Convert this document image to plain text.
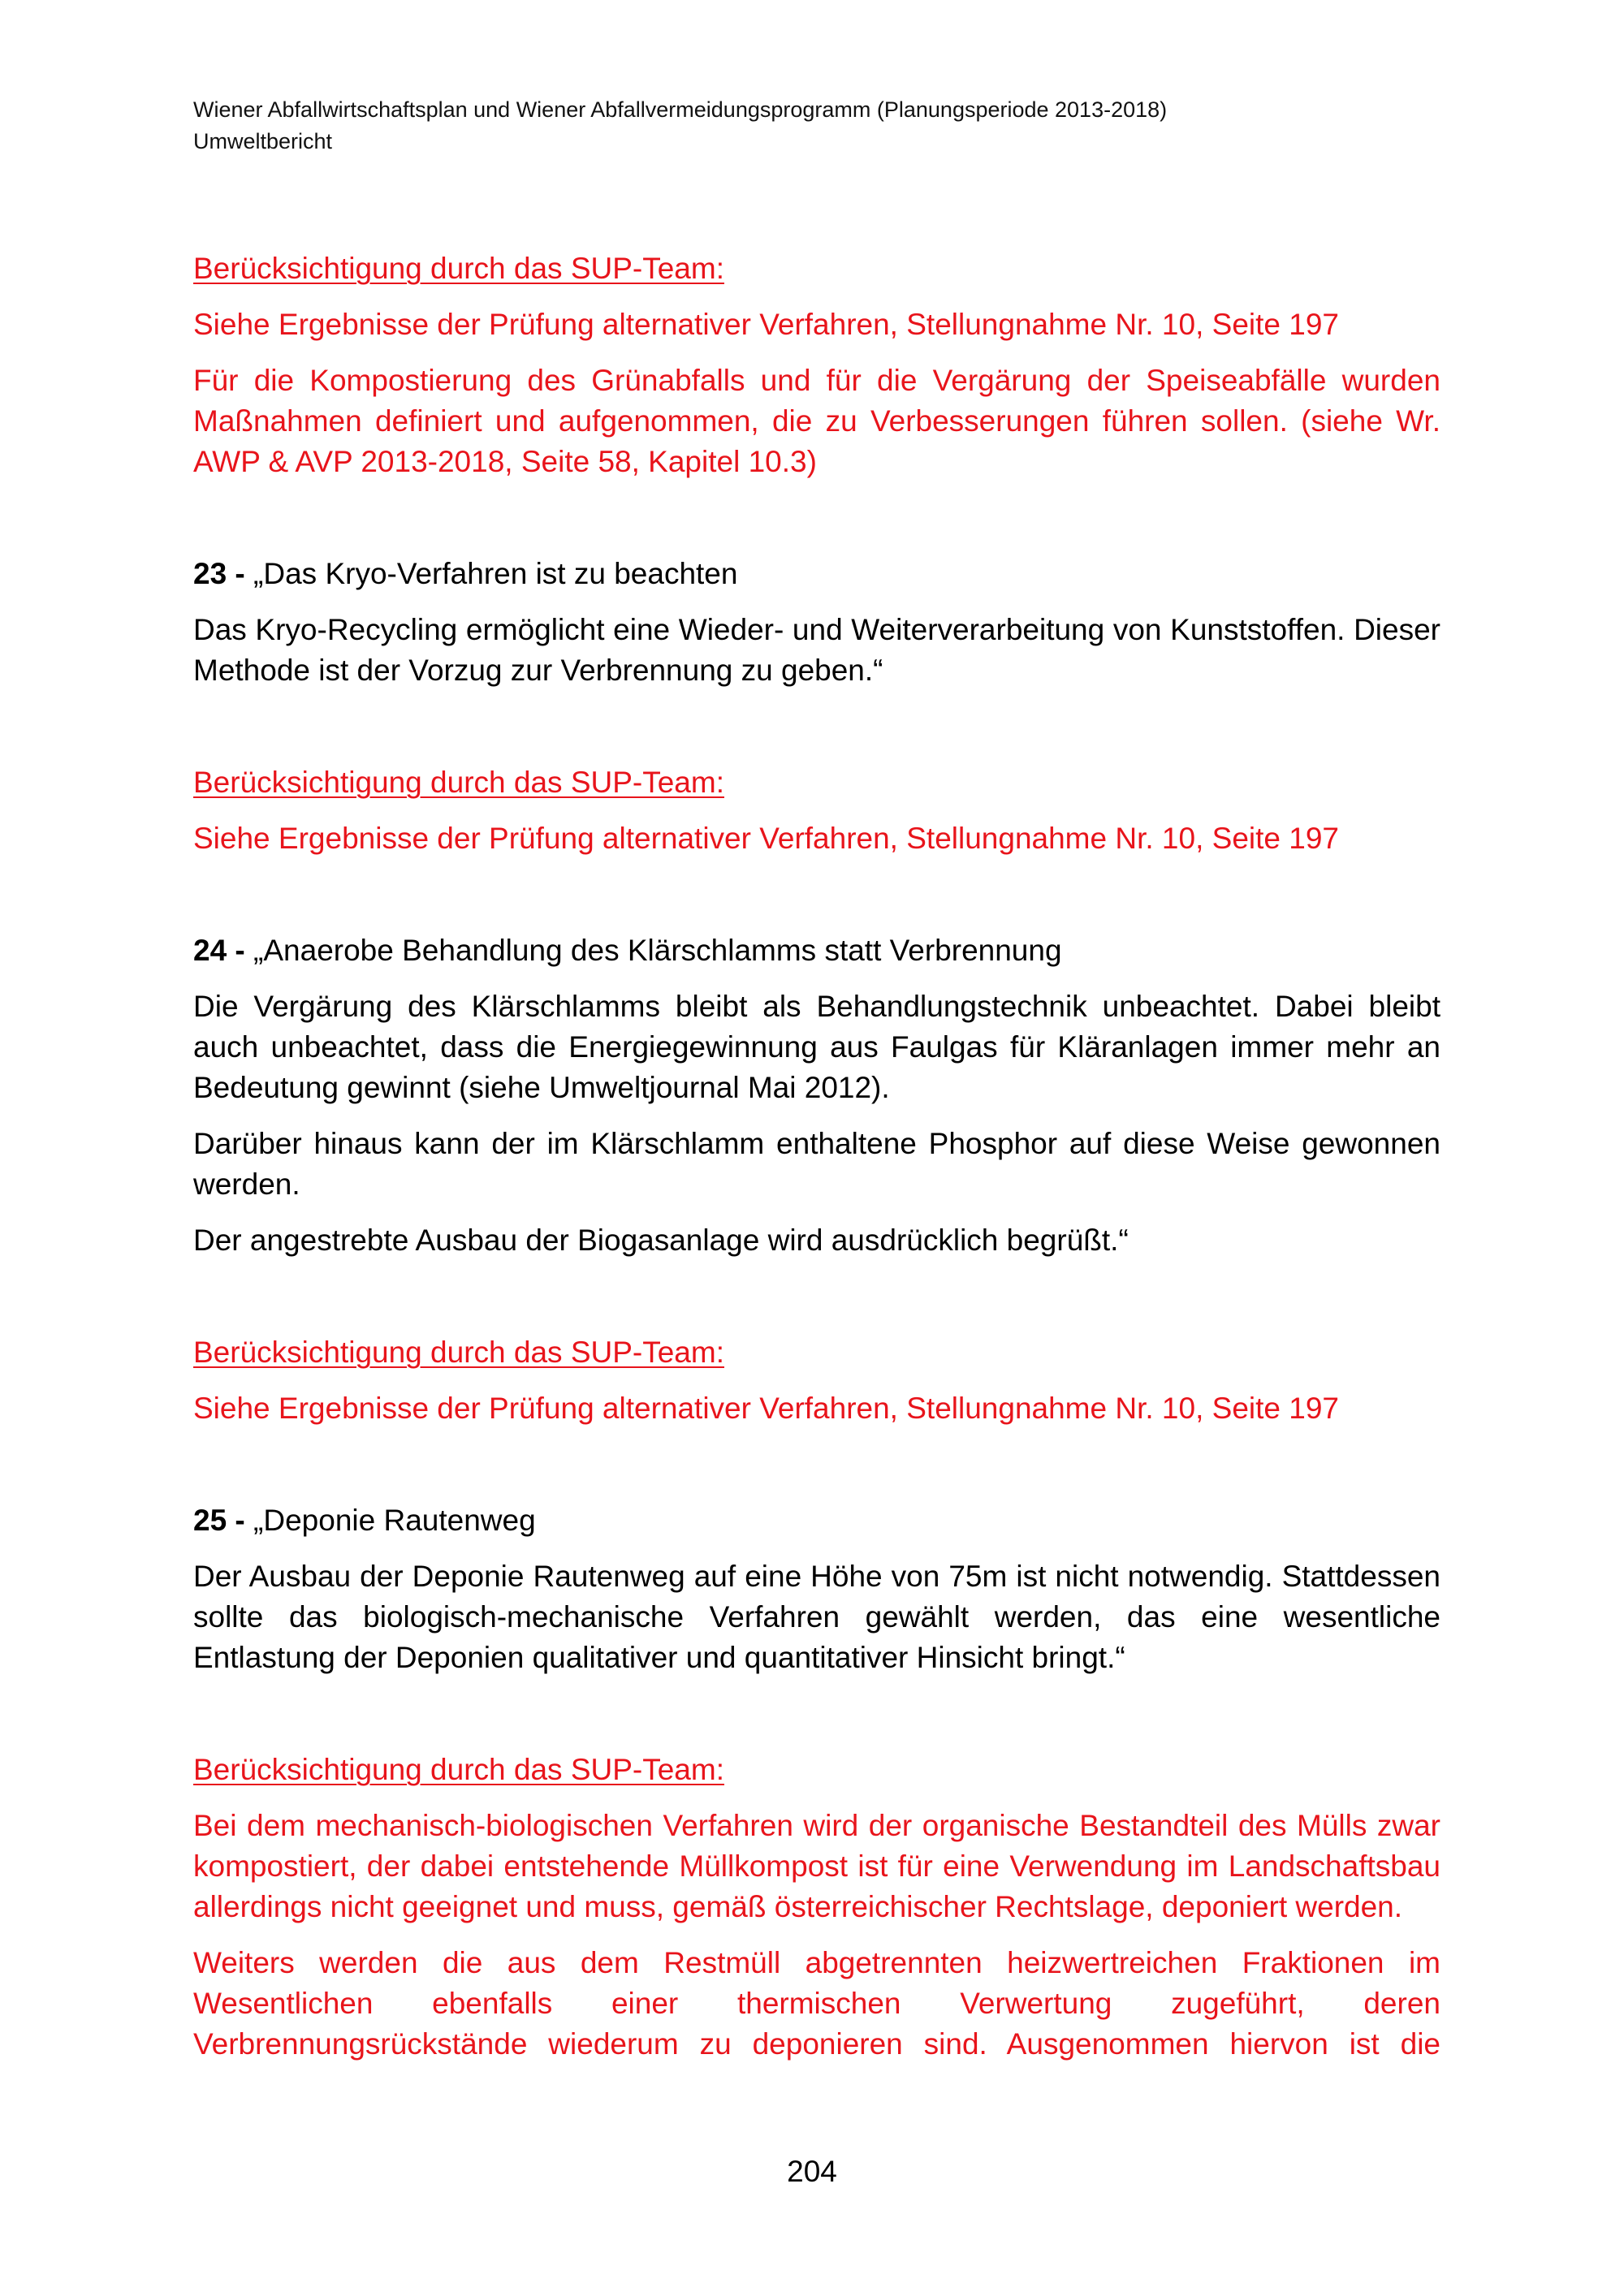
Wiener Abfallwirtschaftsplan und Wiener Abfallvermeidungsprogramm (Planungsperiode 2013-2018)
Umweltbericht

Berücksichtigung durch das SUP-Team:

Siehe Ergebnisse der Prüfung alternativer Verfahren, Stellungnahme Nr. 10, Seite 197

Für die Kompostierung des Grünabfalls und für die Vergärung der Speiseabfälle wurden Maßnahmen definiert und aufgenommen, die zu Verbesserungen führen sollen. (siehe Wr. AWP & AVP 2013-2018, Seite 58, Kapitel 10.3)

23 - „Das Kryo-Verfahren ist zu beachten

Das Kryo-Recycling ermöglicht eine Wieder- und Weiterverarbeitung von Kunststoffen. Dieser Methode ist der Vorzug zur Verbrennung zu geben.“

Berücksichtigung durch das SUP-Team:

Siehe Ergebnisse der Prüfung alternativer Verfahren, Stellungnahme Nr. 10, Seite 197

24 - „Anaerobe Behandlung des Klärschlamms statt Verbrennung

Die Vergärung des Klärschlamms bleibt als Behandlungstechnik unbeachtet. Dabei bleibt auch unbeachtet, dass die Energiegewinnung aus Faulgas für Kläranlagen immer mehr an Bedeutung gewinnt (siehe Umweltjournal Mai 2012).

Darüber hinaus kann der im Klärschlamm enthaltene Phosphor auf diese Weise gewonnen werden.

Der angestrebte Ausbau der Biogasanlage wird ausdrücklich begrüßt.“

Berücksichtigung durch das SUP-Team:

Siehe Ergebnisse der Prüfung alternativer Verfahren, Stellungnahme Nr. 10, Seite 197

25 - „Deponie Rautenweg

Der Ausbau der Deponie Rautenweg auf eine Höhe von 75m ist nicht notwendig. Stattdessen sollte das biologisch-mechanische Verfahren gewählt werden, das eine wesentliche Entlastung der Deponien qualitativer und quantitativer Hinsicht bringt.“

Berücksichtigung durch das SUP-Team:

Bei dem mechanisch-biologischen Verfahren wird der organische Bestandteil des Mülls zwar kompostiert, der dabei entstehende Müllkompost ist für eine Verwendung im Landschaftsbau allerdings nicht geeignet und muss, gemäß österreichischer Rechtslage, deponiert werden.

Weiters werden die aus dem Restmüll abgetrennten heizwertreichen Fraktionen im Wesentlichen ebenfalls einer thermischen Verwertung zugeführt, deren Verbrennungsrückstände wiederum zu deponieren sind. Ausgenommen hiervon ist die

204
